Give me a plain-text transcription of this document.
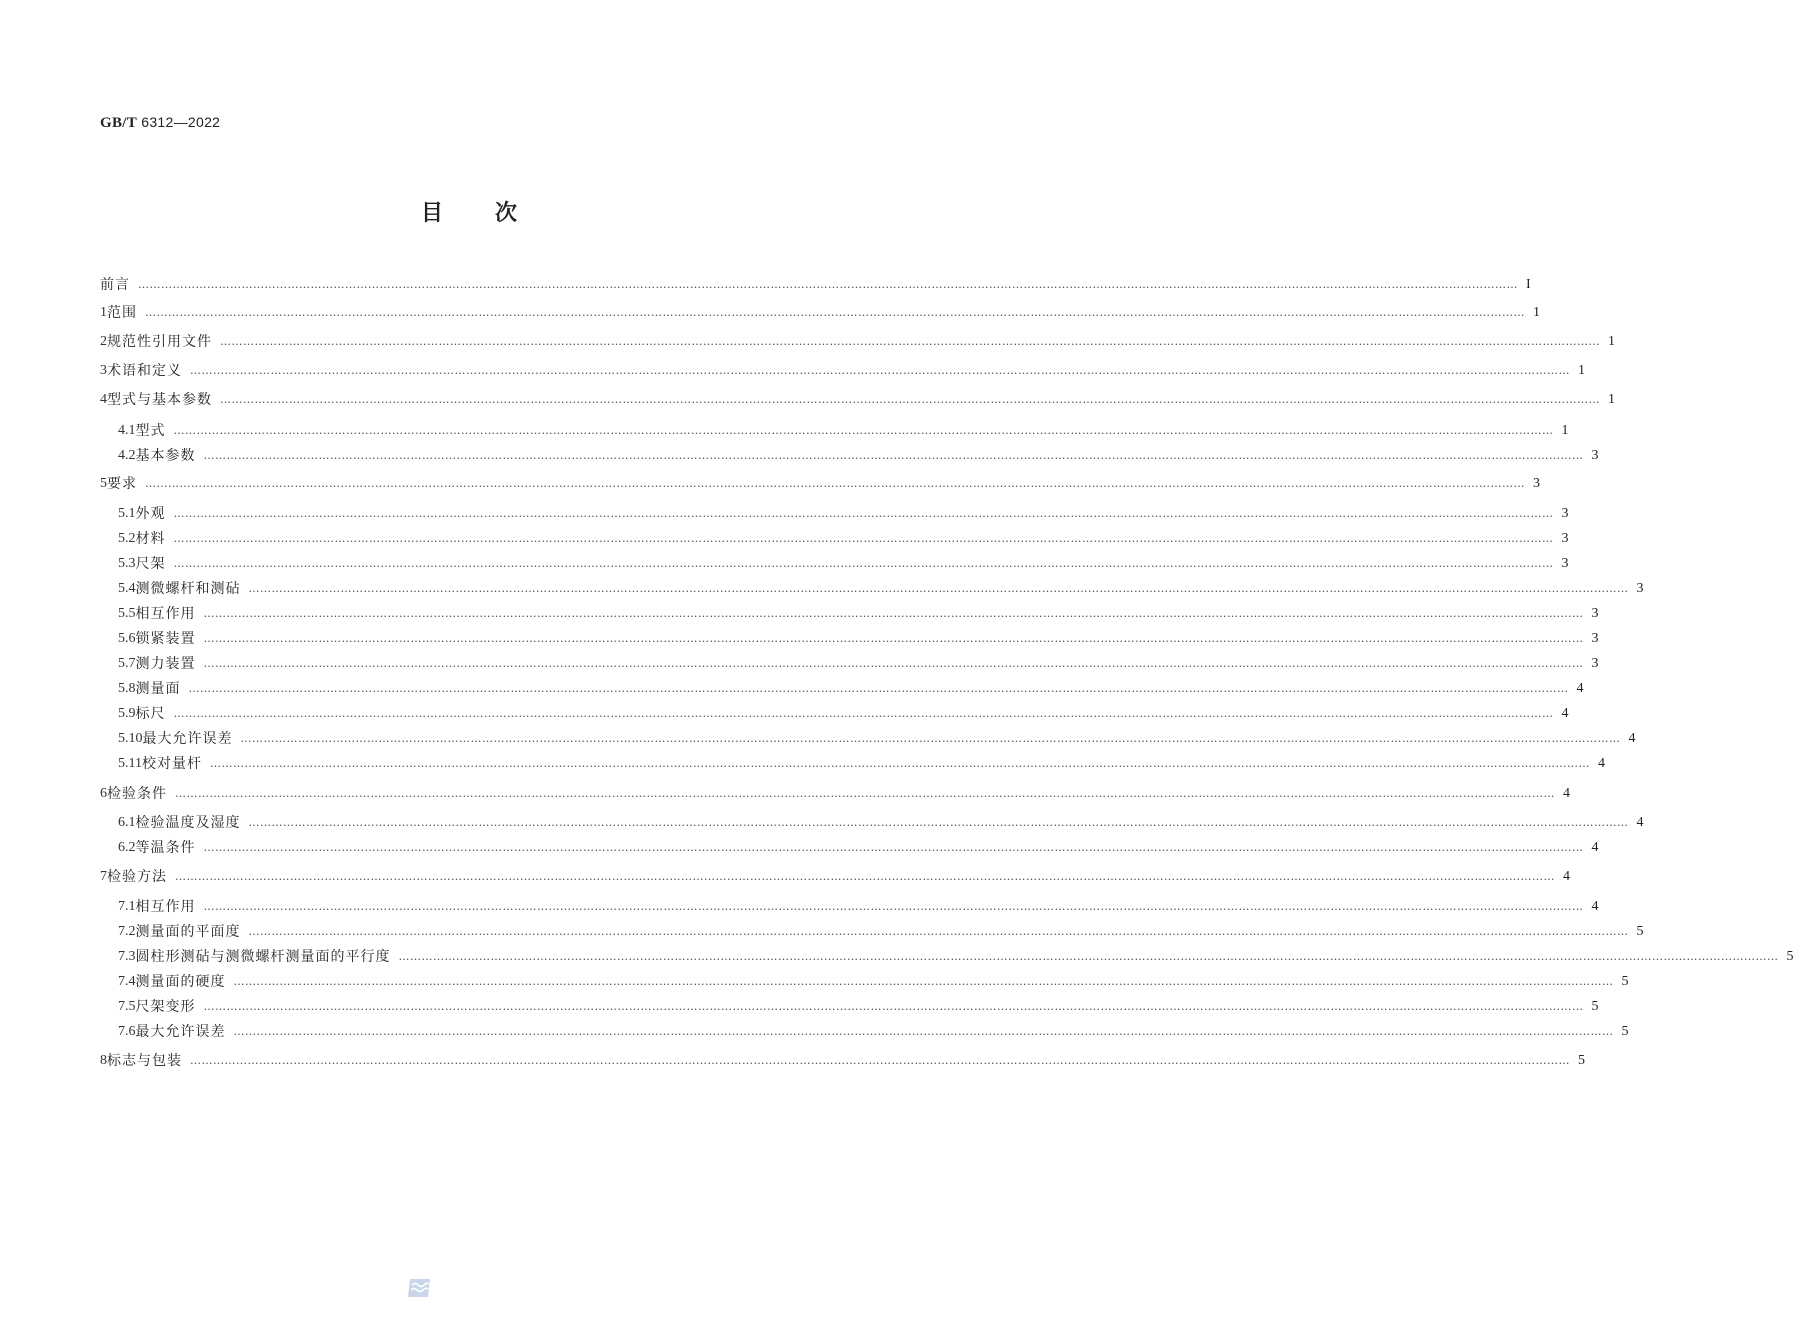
GB/T 6312—2022
目次
前言 ……………………………………………………………………………………………………………………………………………………………………………………………………………………………………………………………………………………………………………………………… I
1 范围 ……………………………………………………………………………………………………………………………………………………………………………………………………………………………………………………………………………………………………………………………… 1
2 规范性引用文件 ……………………………………………………………………………………………………………………………………………………………………………………………………………………………………………………………………………………………………………………………… 1
3 术语和定义 ……………………………………………………………………………………………………………………………………………………………………………………………………………………………………………………………………………………………………………………………… 1
4 型式与基本参数 ……………………………………………………………………………………………………………………………………………………………………………………………………………………………………………………………………………………………………………………………… 1
4.1 型式 ……………………………………………………………………………………………………………………………………………………………………………………………………………………………………………………………………………………………………………………………… 1
4.2 基本参数 ……………………………………………………………………………………………………………………………………………………………………………………………………………………………………………………………………………………………………………………………… 3
5 要求 ……………………………………………………………………………………………………………………………………………………………………………………………………………………………………………………………………………………………………………………………… 3
5.1 外观 ……………………………………………………………………………………………………………………………………………………………………………………………………………………………………………………………………………………………………………………………… 3
5.2 材料 ……………………………………………………………………………………………………………………………………………………………………………………………………………………………………………………………………………………………………………………………… 3
5.3 尺架 ……………………………………………………………………………………………………………………………………………………………………………………………………………………………………………………………………………………………………………………………… 3
5.4 测微螺杆和测砧 ……………………………………………………………………………………………………………………………………………………………………………………………………………………………………………………………………………………………………………………………… 3
5.5 相互作用 ……………………………………………………………………………………………………………………………………………………………………………………………………………………………………………………………………………………………………………………………… 3
5.6 锁紧装置 ……………………………………………………………………………………………………………………………………………………………………………………………………………………………………………………………………………………………………………………………… 3
5.7 测力装置 ……………………………………………………………………………………………………………………………………………………………………………………………………………………………………………………………………………………………………………………………… 3
5.8 测量面 ……………………………………………………………………………………………………………………………………………………………………………………………………………………………………………………………………………………………………………………………… 4
5.9 标尺 ……………………………………………………………………………………………………………………………………………………………………………………………………………………………………………………………………………………………………………………………… 4
5.10 最大允许误差 ……………………………………………………………………………………………………………………………………………………………………………………………………………………………………………………………………………………………………………………………… 4
5.11 校对量杆 ……………………………………………………………………………………………………………………………………………………………………………………………………………………………………………………………………………………………………………………………… 4
6 检验条件 ……………………………………………………………………………………………………………………………………………………………………………………………………………………………………………………………………………………………………………………………… 4
6.1 检验温度及湿度 ……………………………………………………………………………………………………………………………………………………………………………………………………………………………………………………………………………………………………………………………… 4
6.2 等温条件 ……………………………………………………………………………………………………………………………………………………………………………………………………………………………………………………………………………………………………………………………… 4
7 检验方法 ……………………………………………………………………………………………………………………………………………………………………………………………………………………………………………………………………………………………………………………………… 4
7.1 相互作用 ……………………………………………………………………………………………………………………………………………………………………………………………………………………………………………………………………………………………………………………………… 4
7.2 测量面的平面度 ……………………………………………………………………………………………………………………………………………………………………………………………………………………………………………………………………………………………………………………………… 5
7.3 圆柱形测砧与测微螺杆测量面的平行度 ……………………………………………………………………………………………………………………………………………………………………………………………………………………………………………………………………………………………………………………………… 5
7.4 测量面的硬度 ……………………………………………………………………………………………………………………………………………………………………………………………………………………………………………………………………………………………………………………………… 5
7.5 尺架变形 ……………………………………………………………………………………………………………………………………………………………………………………………………………………………………………………………………………………………………………………………… 5
7.6 最大允许误差 ……………………………………………………………………………………………………………………………………………………………………………………………………………………………………………………………………………………………………………………………… 5
8 标志与包装 ……………………………………………………………………………………………………………………………………………………………………………………………………………………………………………………………………………………………………………………………… 5
